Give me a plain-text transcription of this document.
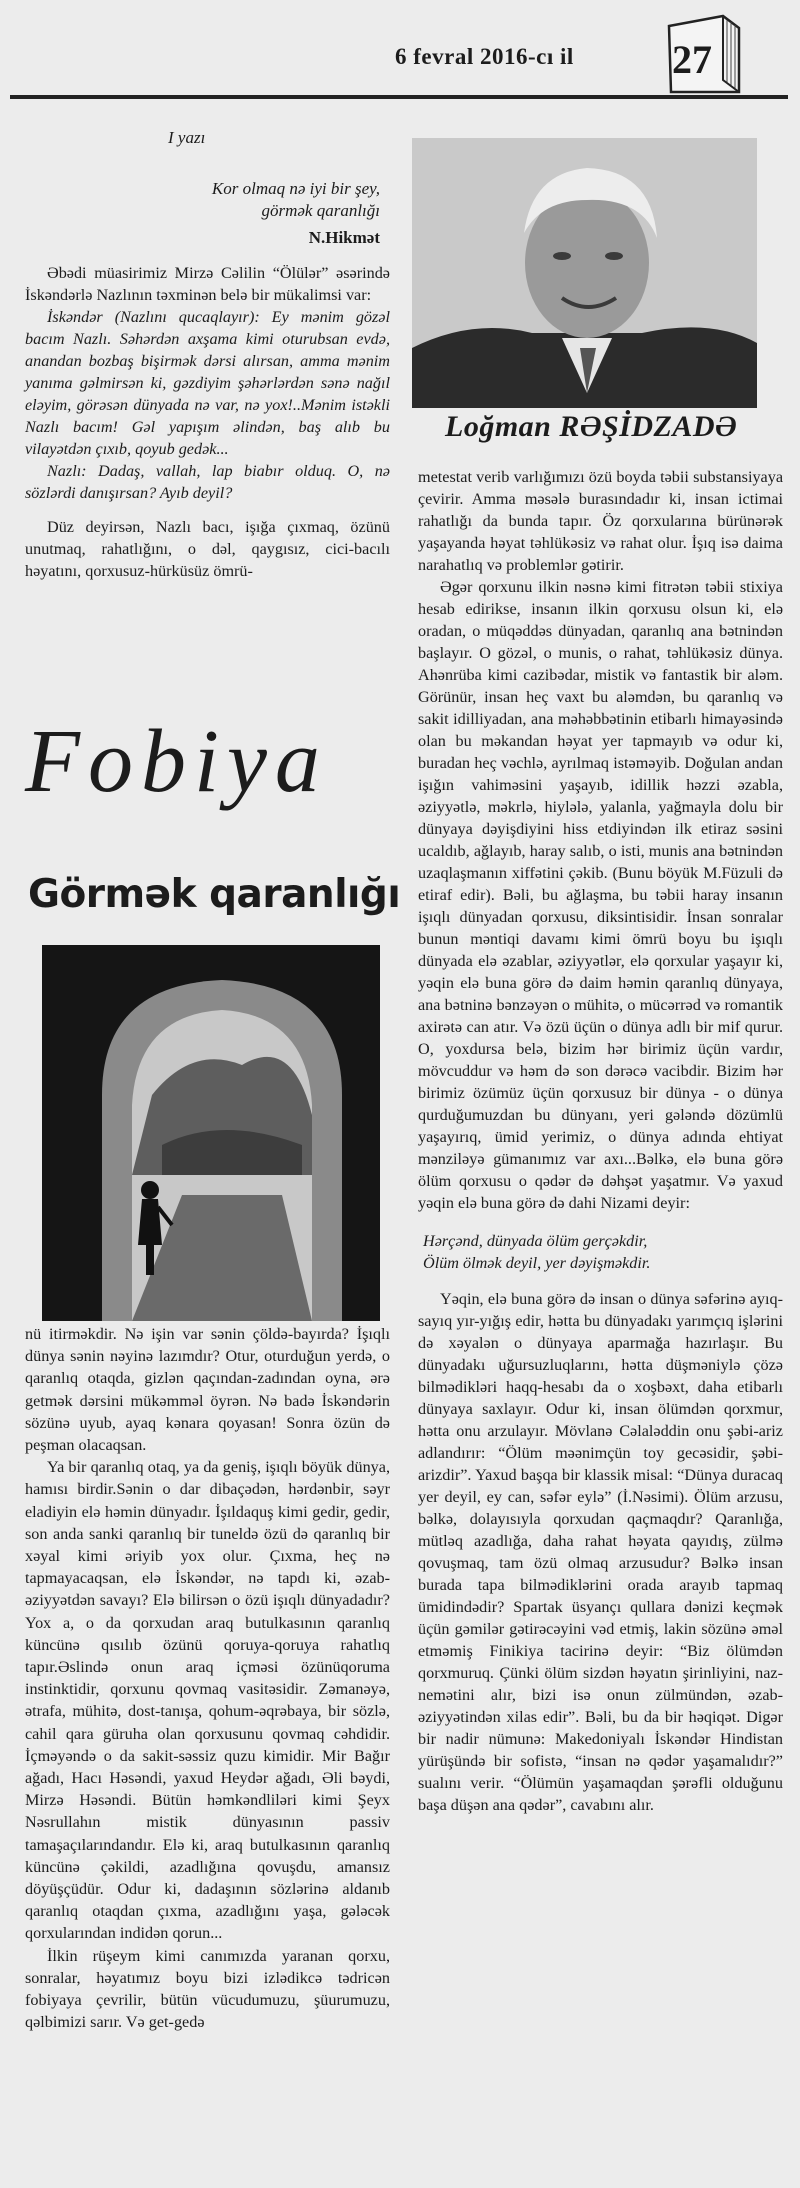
6 fevral 2016-cı il 27
I yazı
Kor olmaq nə iyi bir şey,
görmək qaranlığı
N.Hikmət

Əbədi müasirimiz Mirzə Cəlilin “Ölülər” əsərində İskəndərlə Nazlının təxminən belə bir mükalimsi var:

İskəndər (Nazlını qucaqlayır): Ey mənim gözəl bacım Nazlı. Səhərdən axşama kimi oturubsan evdə, anandan bozbaş bişirmək dərsi alırsan, amma mənim yanıma gəlmirsən ki, gəzdiyim şəhərlərdən sənə nağıl eləyim, görəsən dünyada nə var, nə yox!..Mənim istəkli Nazlı bacım! Gəl yapışım əlindən, baş alıb bu vilayətdən çıxıb, qoyub gedək...

Nazlı: Dadaş, vallah, lap biabır olduq. O, nə sözlərdi danışırsan? Ayıb deyil?

Düz deyirsən, Nazlı bacı, işığa çıxmaq, özünü unutmaq, rahatlığını, o dəl, qaygısız, cici-bacılı həyatını, qorxusuz-hürküsüz ömrü-

Loğman RƏŞİDZADƏ
Fobiya
Görmək qaranlığı

nü itirməkdir. Nə işin var sənin çöldə-bayırda? İşıqlı dünya sənin nəyinə lazımdır? Otur, oturduğun yerdə, o qaranlıq otaqda, gizlən qaçından-zadından oyna, ərə getmək dərsini mükəmməl öyrən. Nə badə İskəndərin sözünə uyub, ayaq kənara qoyasan! Sonra özün də peşman olacaqsan.

Ya bir qaranlıq otaq, ya da geniş, işıqlı böyük dünya, hamısı birdir.Sənin o dar dibaçədən, hərdənbir, səyr eladiyin elə həmin dünyadır. İşıldaquş kimi gedir, gedir, son anda sanki qaranlıq bir tuneldə özü də qaranlıq bir xəyal kimi əriyib yox olur. Çıxma, heç nə tapmayacaqsan, elə İskəndər, nə tapdı ki, əzab-əziyyətdən savayı? Elə bilirsən o özü işıqlı dünyadadır? Yox a, o da qorxudan araq butulkasının qaranlıq küncünə qısılıb özünü qoruya-qoruya rahatlıq tapır.Əslində onun araq içməsi özünüqoruma instinktidir, qorxunu qovmaq vasitəsidir. Zəmanəyə, ətrafa, mühitə, dost-tanışa, qohum-əqrəbaya, bir sözlə, cahil qara güruha olan qorxusunu qovmaq cəhdidir. İçməyəndə o da sakit-səssiz quzu kimidir. Mir Bağır ağadı, Hacı Həsəndi, yaxud Heydər ağadı, Əli bəydi, Mirzə Həsəndi. Bütün həmkəndliləri kimi Şeyx Nəsrullahın mistik dünyasının passiv tamaşaçılarındandır. Elə ki, araq butulkasının qaranlıq küncünə çəkildi, azadlığına qovuşdu, amansız döyüşçüdür. Odur ki, dadaşının sözlərinə aldanıb qaranlıq otaqdan çıxma, azadlığını yaşa, gələcək qorxularından indidən qorun...

İlkin rüşeym kimi canımızda yaranan qorxu, sonralar, həyatımız boyu bizi izlədikcə tədricən fobiyaya çevrilir, bütün vücudumuzu, şüurumuzu, qəlbimizi sarır. Və get-gedə

metestat verib varlığımızı özü boyda təbii substansiyaya çevirir. Amma məsələ burasındadır ki, insan ictimai rahatlığı da bunda tapır. Öz qorxularına bürünərək yaşayanda həyat təhlükəsiz və rahat olur. İşıq isə daima narahatlıq və problemlər gətirir.

Əgər qorxunu ilkin nəsnə kimi fitrətən təbii stixiya hesab edirikse, insanın ilkin qorxusu olsun ki, elə oradan, o müqəddəs dünyadan, qaranlıq ana bətnindən başlayır. O gözəl, o munis, o rahat, təhlükəsiz dünya. Ahənrüba kimi cazibədar, mistik və fantastik bir aləm. Görünür, insan heç vaxt bu aləmdən, bu qaranlıq və sakit idilliyadan, ana məhəbbətinin etibarlı himayəsində olan bu məkandan həyat yer tapmayıb və odur ki, buradan heç vəchlə, ayrılmaq istəməyib. Doğulan andan işığın vahiməsini yaşayıb, idillik həzzi əzabla, əziyyətlə, məkrlə, hiylələ, yalanla, yağmayla dolu bir dünyaya dəyişdiyini hiss etdiyindən ilk etiraz səsini ucaldıb, ağlayıb, haray salıb, o isti, munis ana bətnindən uzaqlaşmanın xiffətini çəkib. (Bunu böyük M.Füzuli də etiraf edir). Bəli, bu ağlaşma, bu təbii haray insanın işıqlı dünyadan qorxusu, diksintisidir. İnsan sonralar bunun məntiqi davamı kimi ömrü boyu bu işıqlı dünyada elə əzablar, əziyyətlər, elə qorxular yaşayır ki, yəqin elə buna görə də daim həmin qaranlıq dünyaya, ana bətninə bənzəyən o mühitə, o mücərrəd və romantik axirətə can atır. Və özü üçün o dünya adlı bir mif qurur. O, yoxdursa belə, bizim hər birimiz üçün vardır, mövcuddur və həm də son dərəcə vacibdir. Bizim hər birimiz özümüz üçün qorxusuz bir dünya - o dünya qurduğumuzdan bu dünyanı, yeri gələndə dözümlü yaşayırıq, ümid yerimiz, o dünya adında ehtiyat mənziləyə gümanımız var axı...Bəlkə, elə buna görə ölüm qorxusu o qədər də dəhşət yaşatmır. Və yaxud yəqin elə buna görə də dahi Nizami deyir:

Hərçənd, dünyada ölüm gerçəkdir,

Ölüm ölmək deyil, yer dəyişməkdir.

Yəqin, elə buna görə də insan o dünya səfərinə ayıq-sayıq yır-yığış edir, hətta bu dünyadakı yarımçıq işlərini də xəyalən o dünyaya aparmağa hazırlaşır. Bu dünyadakı uğursuzluqlarını, hətta düşməniylə çözə bilmədikləri haqq-hesabı da o xoşbəxt, daha etibarlı dünyaya saxlayır. Odur ki, insan ölümdən qorxmur, hətta onu arzulayır. Mövlanə Cəlaləddin onu şəbi-ariz adlandırır: “Ölüm məənimçün toy gecəsidir, şəbi-arizdir”. Yaxud başqa bir klassik misal: “Dünya duracaq yer deyil, ey can, səfər eylə” (İ.Nəsimi). Ölüm arzusu, bəlkə, dolayısıyla qorxudan qaçmaqdır? Qaranlığa, mütləq azadlığa, daha rahat həyata qayıdış, zülmə qovuşmaq, tam özü olmaq arzusudur? Bəlkə insan burada tapa bilmədiklərini orada arayıb tapmaq ümidindədir? Spartak üsyançı qullara dənizi keçmək üçün gəmilər gətirəcəyini vəd etmiş, lakin sözünə əməl etməmiş Finikiya tacirinə deyir: “Biz ölümdən qorxmuruq. Çünki ölüm sizdən həyatın şirinliyini, naz-nemətini alır, bizi isə onun zülmündən, əzab-əziyyətindən xilas edir”. Bəli, bu da bir həqiqət. Digər bir nadir nümunə: Makedoniyalı İskəndər Hindistan yürüşündə bir sofistə, “insan nə qədər yaşamalıdır?” sualını verir. “Ölümün yaşamaqdan şərəfli olduğunu başa düşən ana qədər”, cavabını alır.
